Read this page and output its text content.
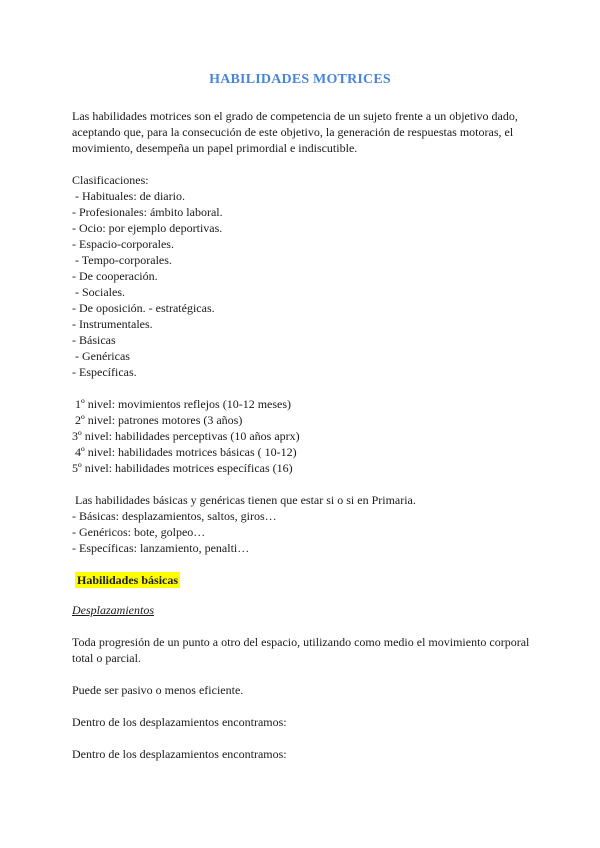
HABILIDADES MOTRICES

Las habilidades motrices son el grado de competencia de un sujeto frente a un objetivo dado, aceptando que, para la consecución de este objetivo, la generación de respuestas motoras, el movimiento, desempeña un papel primordial e indiscutible.

Clasificaciones:

- Habituales: de diario.
- Profesionales: ámbito laboral.
- Ocio: por ejemplo deportivas.
- Espacio-corporales.
- Tempo-corporales.
- De cooperación.
- Sociales.
- De oposición. - estratégicas.
- Instrumentales.
- Básicas
- Genéricas
- Específicas.
1º nivel: movimientos reflejos (10-12 meses)
2º nivel: patrones motores (3 años)
3º nivel: habilidades perceptivas (10 años aprx)
4º nivel: habilidades motrices básicas ( 10-12)
5º nivel: habilidades motrices específicas (16)
Las habilidades básicas y genéricas tienen que estar si o si en Primaria.
- Básicas: desplazamientos, saltos, giros…
- Genéricos: bote, golpeo…
- Específicas: lanzamiento, penalti…
Habilidades básicas

Desplazamientos

Toda progresión de un punto a otro del espacio, utilizando como medio el movimiento corporal total o parcial.

Puede ser pasivo o menos eficiente.

Dentro de los desplazamientos encontramos:

Dentro de los desplazamientos encontramos:
